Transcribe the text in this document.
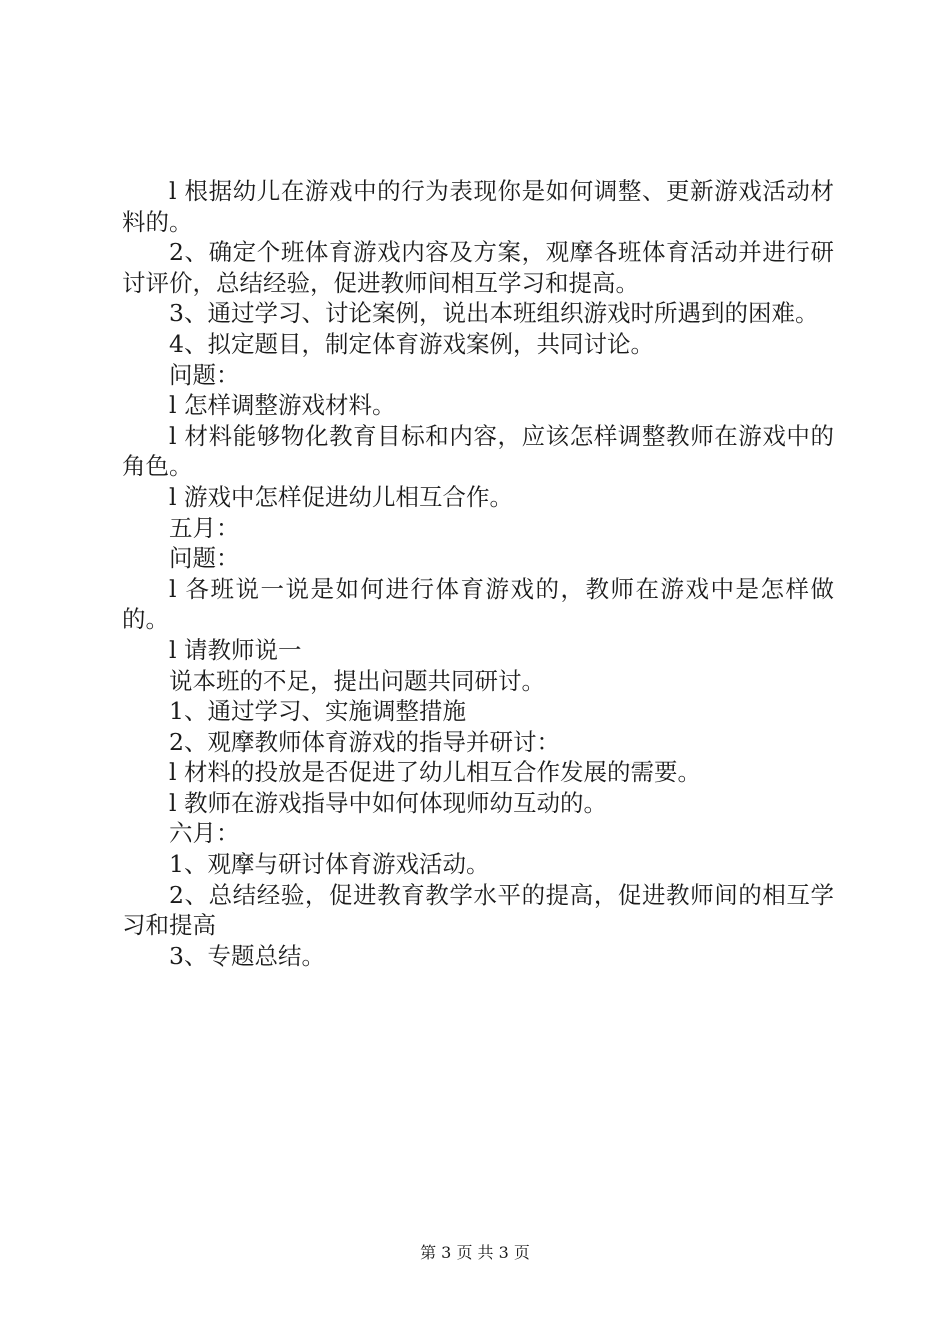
l 根据幼儿在游戏中的行为表现你是如何调整、更新游戏活动材料的。

2、确定个班体育游戏内容及方案，观摩各班体育活动并进行研讨评价，总结经验，促进教师间相互学习和提高。

3、通过学习、讨论案例，说出本班组织游戏时所遇到的困难。

4、拟定题目，制定体育游戏案例，共同讨论。

问题：

l 怎样调整游戏材料。

l 材料能够物化教育目标和内容，应该怎样调整教师在游戏中的角色。

l 游戏中怎样促进幼儿相互合作。

五月：

问题：

l 各班说一说是如何进行体育游戏的，教师在游戏中是怎样做的。

l 请教师说一

说本班的不足，提出问题共同研讨。

1、通过学习、实施调整措施

2、观摩教师体育游戏的指导并研讨：

l 材料的投放是否促进了幼儿相互合作发展的需要。

l 教师在游戏指导中如何体现师幼互动的。

六月：

1、观摩与研讨体育游戏活动。

2、总结经验，促进教育教学水平的提高，促进教师间的相互学习和提高

3、专题总结。

第 3 页 共 3 页
